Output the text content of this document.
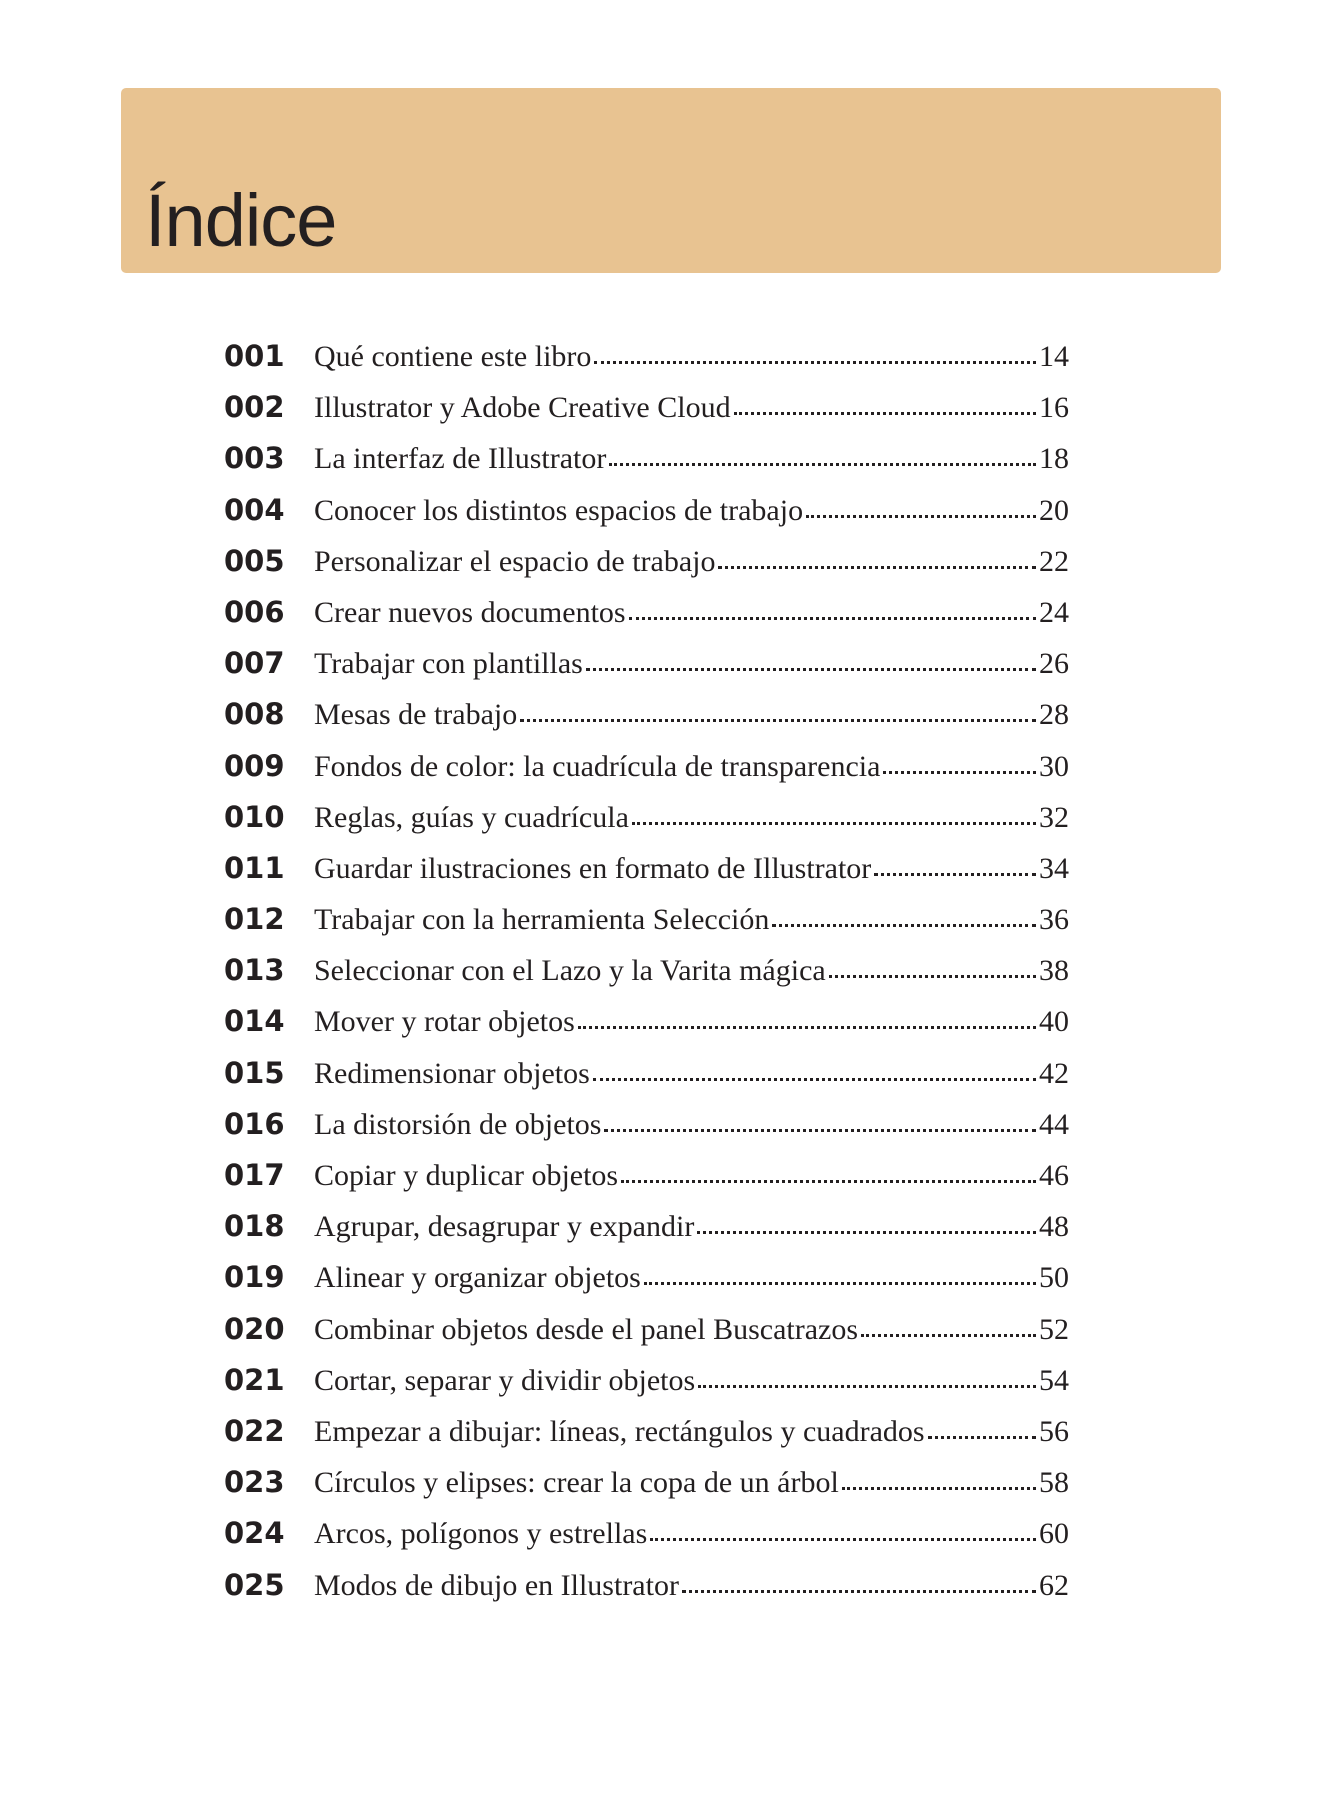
Índice
001 Qué contiene este libro	14
002 Illustrator y Adobe Creative Cloud	16
003 La interfaz de Illustrator	18
004 Conocer los distintos espacios de trabajo	20
005 Personalizar el espacio de trabajo	22
006 Crear nuevos documentos	24
007 Trabajar con plantillas	26
008 Mesas de trabajo	28
009 Fondos de color: la cuadrícula de transparencia	30
010 Reglas, guías y cuadrícula	32
011 Guardar ilustraciones en formato de Illustrator	34
012 Trabajar con la herramienta Selección	36
013 Seleccionar con el Lazo y la Varita mágica	38
014 Mover y rotar objetos	40
015 Redimensionar objetos	42
016 La distorsión de objetos	44
017 Copiar y duplicar objetos	46
018 Agrupar, desagrupar y expandir	48
019 Alinear y organizar objetos	50
020 Combinar objetos desde el panel Buscatrazos	52
021 Cortar, separar y dividir objetos	54
022 Empezar a dibujar: líneas, rectángulos y cuadrados	56
023 Círculos y elipses: crear la copa de un árbol	58
024 Arcos, polígonos y estrellas	60
025 Modos de dibujo en Illustrator	62
